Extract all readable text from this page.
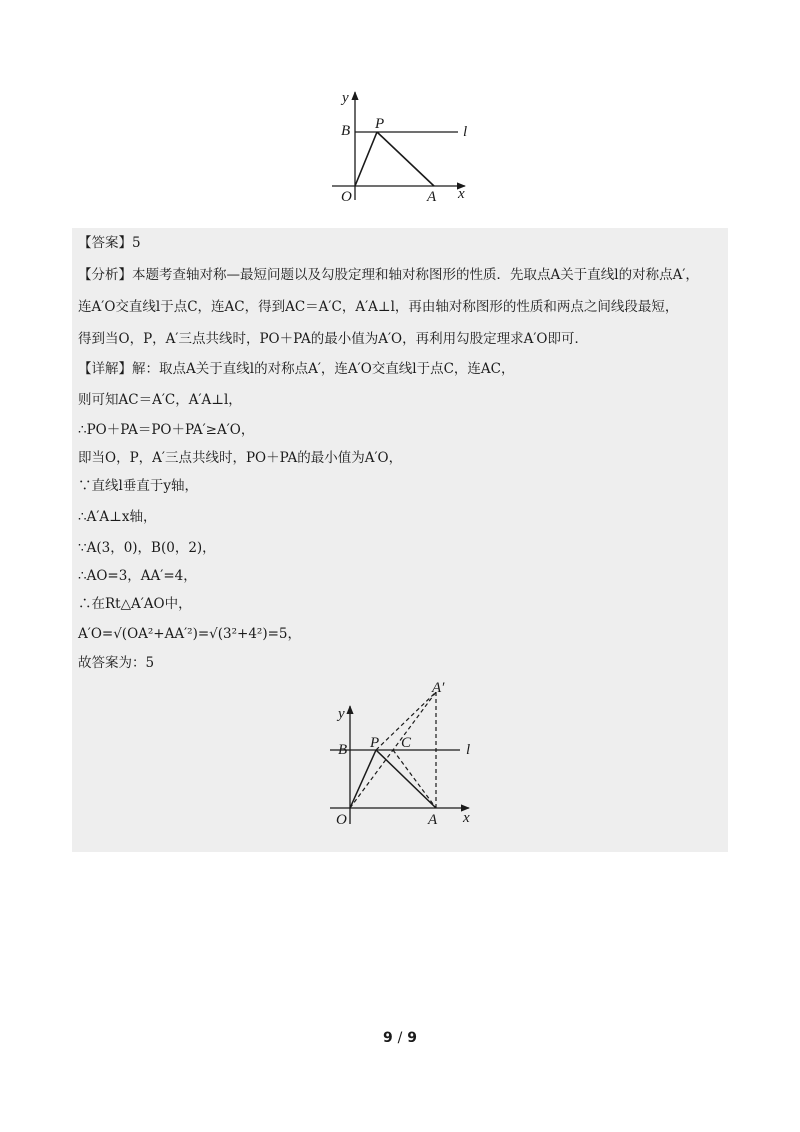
y
B P	l
O	A x
【答案】5
【分析】本题考查轴对称—最短问题以及勾股定理和轴对称图形的性质．先取点A关于直线l的对称点A′，
连A′O交直线l于点C，连AC，得到AC＝A′C，A′A⊥l，再由轴对称图形的性质和两点之间线段最短，
得到当O，P，A′三点共线时，PO＋PA的最小值为A′O，再利用勾股定理求A′O即可．
【详解】解：取点A关于直线l的对称点A′，连A′O交直线l于点C，连AC，
则可知AC＝A′C，A′A⊥l，
∴PO＋PA＝PO＋PA′≥A′O，
即当O，P，A′三点共线时，PO＋PA的最小值为A′O，
∵直线l垂直于y轴，
∴A′A⊥x轴，
∵A(3，0)，B(0，2)，
∴AO=3，AA′=4，
∴在Rt△A′AO中，
A′O=√(OA²+AA′²)=√(3²+4²)=5，
故答案为：5
A′
y
B P C	l
O	A x
9 / 9
